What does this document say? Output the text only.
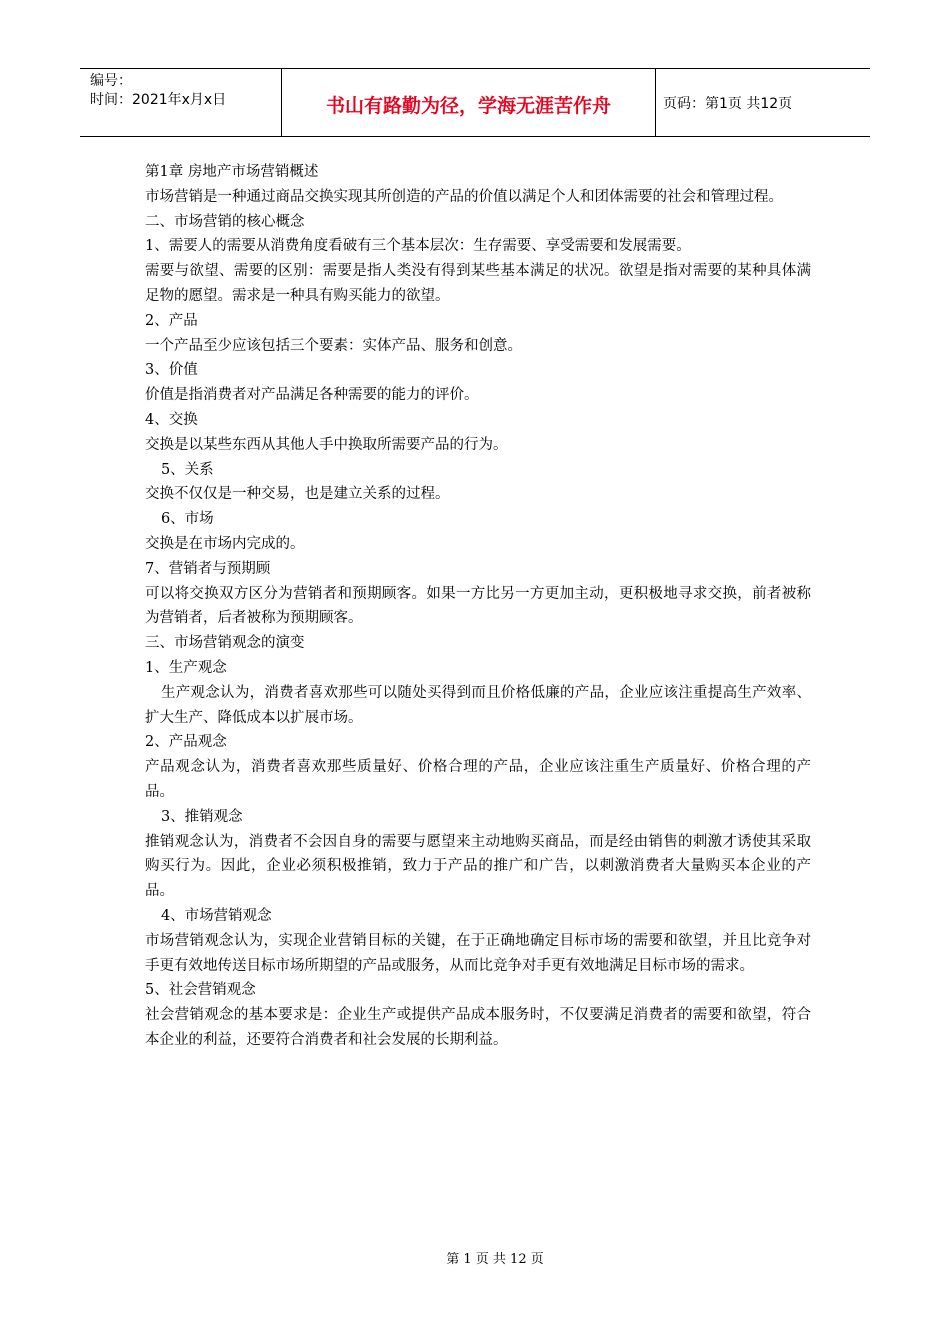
编号：
时间：2021年x月x日	书山有路勤为径，学海无涯苦作舟	页码：第1页 共12页

第1章 房地产市场营销概述

市场营销是一种通过商品交换实现其所创造的产品的价值以满足个人和团体需要的社会和管理过程。

二、市场营销的核心概念

1、需要人的需要从消费角度看破有三个基本层次：生存需要、享受需要和发展需要。

需要与欲望、需要的区别：需要是指人类没有得到某些基本满足的状况。欲望是指对需要的某种具体满足物的愿望。需求是一种具有购买能力的欲望。

2、产品

一个产品至少应该包括三个要素：实体产品、服务和创意。

3、价值

价值是指消费者对产品满足各种需要的能力的评价。

4、交换

交换是以某些东西从其他人手中换取所需要产品的行为。

5、关系

交换不仅仅是一种交易，也是建立关系的过程。

6、市场

交换是在市场内完成的。

7、营销者与预期顾

可以将交换双方区分为营销者和预期顾客。如果一方比另一方更加主动，更积极地寻求交换，前者被称为营销者，后者被称为预期顾客。

三、市场营销观念的演变

1、生产观念

生产观念认为，消费者喜欢那些可以随处买得到而且价格低廉的产品，企业应该注重提高生产效率、扩大生产、降低成本以扩展市场。

2、产品观念

产品观念认为，消费者喜欢那些质量好、价格合理的产品，企业应该注重生产质量好、价格合理的产品。

3、推销观念

推销观念认为，消费者不会因自身的需要与愿望来主动地购买商品，而是经由销售的刺激才诱使其采取购买行为。因此，企业必须积极推销，致力于产品的推广和广告，以刺激消费者大量购买本企业的产品。

4、市场营销观念

市场营销观念认为，实现企业营销目标的关键，在于正确地确定目标市场的需要和欲望，并且比竞争对手更有效地传送目标市场所期望的产品或服务，从而比竞争对手更有效地满足目标市场的需求。

5、社会营销观念

社会营销观念的基本要求是：企业生产或提供产品成本服务时，不仅要满足消费者的需要和欲望，符合本企业的利益，还要符合消费者和社会发展的长期利益。

第 1 页 共 12 页
